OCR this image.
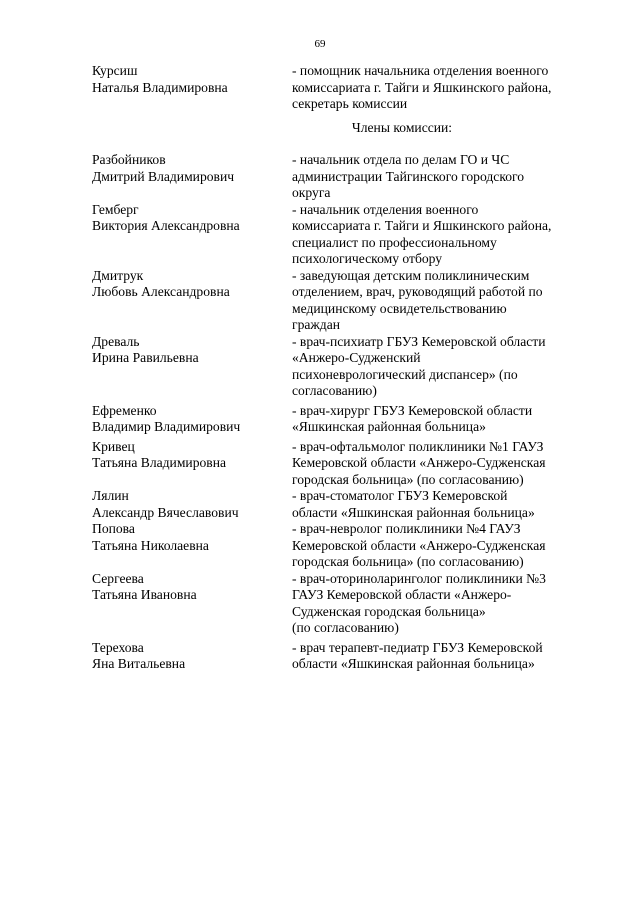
69
Курсиш
Наталья Владимировна
- помощник начальника отделения военного
комиссариата г. Тайги и Яшкинского района,
секретарь комиссии
Члены комиссии:
Разбойников
Дмитрий Владимирович
- начальник отдела по делам ГО и ЧС
администрации Тайгинского городского
округа
Гемберг
Виктория Александровна
- начальник отделения военного
комиссариата г. Тайги и Яшкинского района,
специалист по профессиональному
психологическому отбору
Дмитрук
Любовь Александровна
- заведующая детским поликлиническим
отделением, врач, руководящий работой по
медицинскому освидетельствованию
граждан
Древаль
Ирина Равильевна
- врач-психиатр ГБУЗ Кемеровской области
«Анжеро-Судженский
психоневрологический диспансер» (по
согласованию)
Ефременко
Владимир Владимирович
- врач-хирург ГБУЗ Кемеровской области
«Яшкинская районная больница»
Кривец
Татьяна Владимировна
- врач-офтальмолог поликлиники №1 ГАУЗ
Кемеровской области «Анжеро-Судженская
городская больница» (по согласованию)
Лялин
Александр Вячеславович
- врач-стоматолог ГБУЗ Кемеровской
области «Яшкинская районная больница»
Попова
Татьяна Николаевна
- врач-невролог поликлиники №4 ГАУЗ
Кемеровской области «Анжеро-Судженская
городская больница» (по согласованию)
Сергеева
Татьяна Ивановна
- врач-оториноларинголог поликлиники №3
ГАУЗ Кемеровской области «Анжеро-
Судженская городская больница»
(по согласованию)
Терехова
Яна Витальевна
- врач терапевт-педиатр ГБУЗ Кемеровской
области «Яшкинская районная больница»
